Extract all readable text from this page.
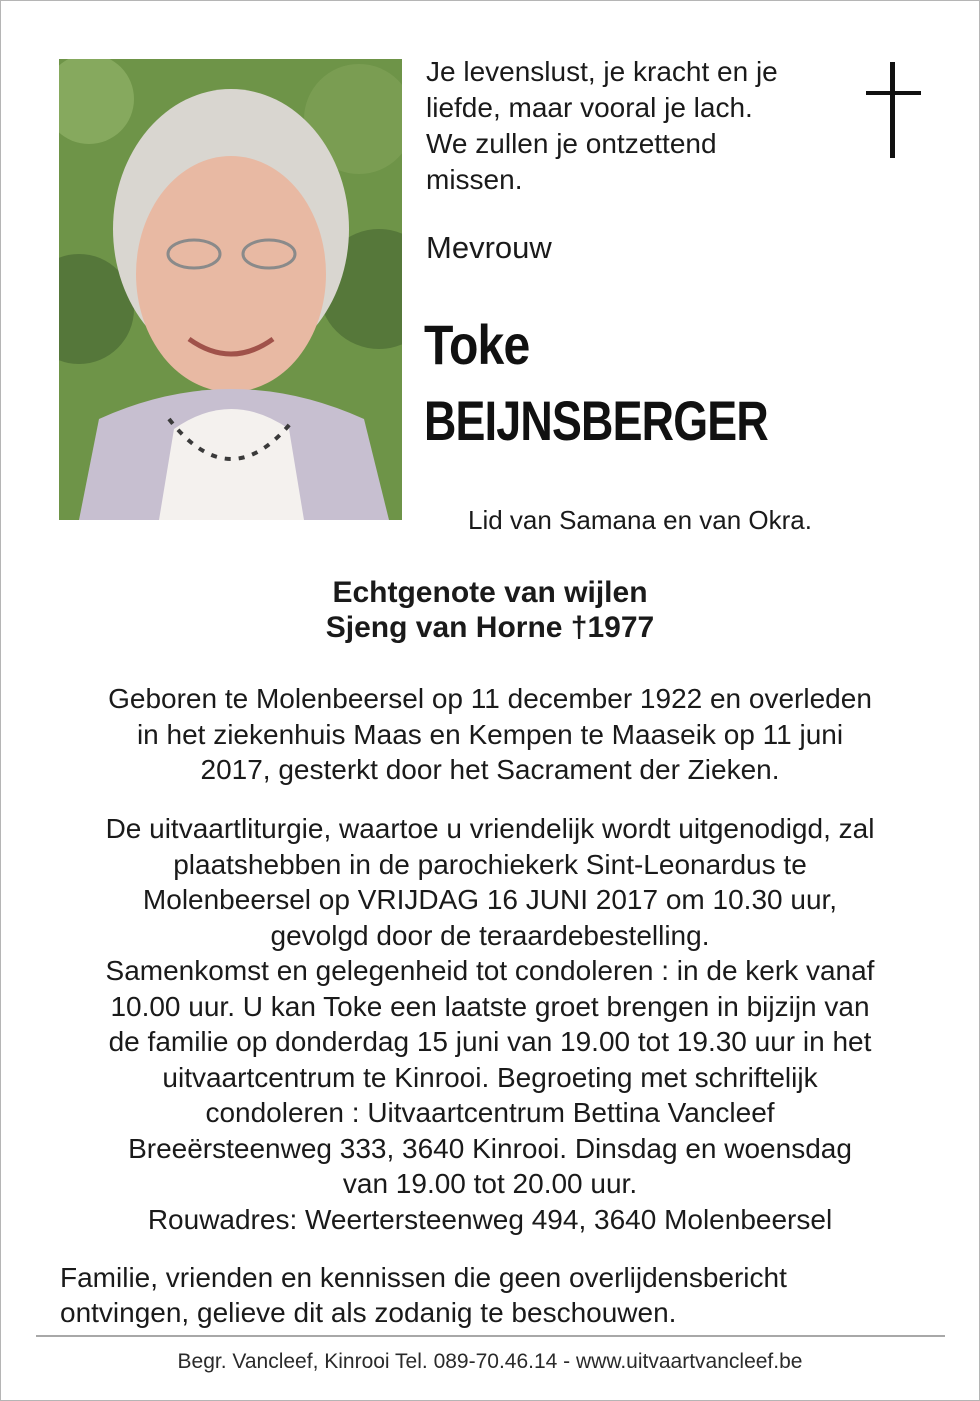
Je levenslust, je kracht en je
liefde, maar vooral je lach.
We zullen je ontzettend
missen.
Mevrouw
Toke
BEIJNSBERGER
Lid van Samana en van Okra.
Echtgenote van wijlen
Sjeng van Horne †1977
Geboren te Molenbeersel op 11 december 1922 en overleden
in het ziekenhuis Maas en Kempen te Maaseik op 11 juni
2017, gesterkt door het Sacrament der Zieken.
De uitvaartliturgie, waartoe u vriendelijk wordt uitgenodigd, zal
plaatshebben in de parochiekerk Sint-Leonardus te
Molenbeersel op VRIJDAG 16 JUNI 2017 om 10.30 uur,
gevolgd door de teraardebestelling.
Samenkomst en gelegenheid tot condoleren : in de kerk vanaf
10.00 uur. U kan Toke een laatste groet brengen in bijzijn van
de familie op donderdag 15 juni van 19.00 tot 19.30 uur in het
uitvaartcentrum te Kinrooi. Begroeting met schriftelijk
condoleren : Uitvaartcentrum Bettina Vancleef
Breeërsteenweg 333, 3640 Kinrooi. Dinsdag en woensdag
van 19.00 tot 20.00 uur.
Rouwadres: Weertersteenweg 494, 3640 Molenbeersel
Familie, vrienden en kennissen die geen overlijdensbericht
ontvingen, gelieve dit als zodanig te beschouwen.
Begr. Vancleef, Kinrooi Tel. 089-70.46.14 - www.uitvaartvancleef.be
